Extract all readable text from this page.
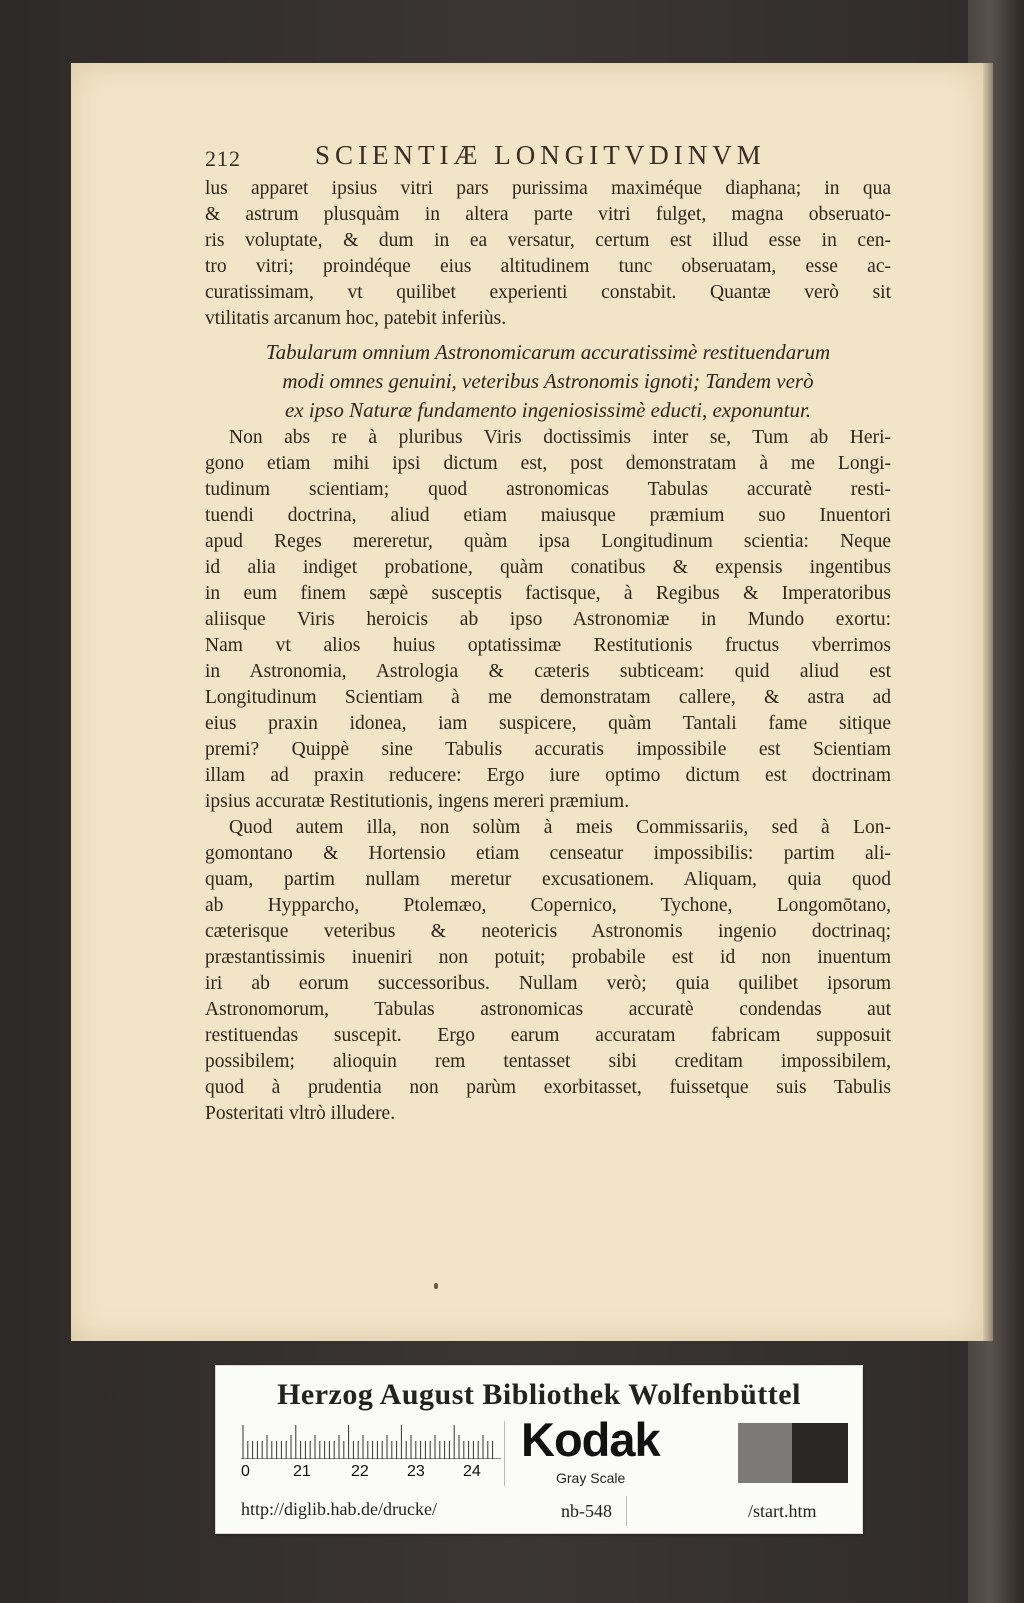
212	SCIENTIÆ LONGITVDINVM
lus apparet ipsius vitri pars purissima maximéque diaphana; in qua
& astrum plusquàm in altera parte vitri fulget, magna obseruato-
ris voluptate, & dum in ea versatur, certum est illud esse in cen-
tro vitri; proindéque eius altitudinem tunc obseruatam, esse ac-
curatissimam, vt quilibet experienti constabit. Quantæ verò sit
vtilitatis arcanum hoc, patebit inferiùs.
Tabularum omnium Astronomicarum accuratissimè restituendarum
modi omnes genuini, veteribus Astronomis ignoti; Tandem verò
ex ipso Naturæ fundamento ingeniosissimè educti, exponuntur.
Non abs re à pluribus Viris doctissimis inter se, Tum ab Heri-
gono etiam mihi ipsi dictum est, post demonstratam à me Longi-
tudinum scientiam; quod astronomicas Tabulas accuratè resti-
tuendi doctrina, aliud etiam maiusque præmium suo Inuentori
apud Reges mereretur, quàm ipsa Longitudinum scientia: Neque
id alia indiget probatione, quàm conatibus & expensis ingentibus
in eum finem sæpè susceptis factisque, à Regibus & Imperatoribus
aliisque Viris heroicis ab ipso Astronomiæ in Mundo exortu:
Nam vt alios huius optatissimæ Restitutionis fructus vberrimos
in Astronomia, Astrologia & cæteris subticeam: quid aliud est
Longitudinum Scientiam à me demonstratam callere, & astra ad
eius praxin idonea, iam suspicere, quàm Tantali fame sitique
premi? Quippè sine Tabulis accuratis impossibile est Scientiam
illam ad praxin reducere: Ergo iure optimo dictum est doctrinam
ipsius accuratæ Restitutionis, ingens mereri præmium.
Quod autem illa, non solùm à meis Commissariis, sed à Lon-
gomontano & Hortensio etiam censeatur impossibilis: partim ali-
quam, partim nullam meretur excusationem. Aliquam, quia quod
ab Hypparcho, Ptolemæo, Copernico, Tychone, Longomōtano,
cæterisque veteribus & neotericis Astronomis ingenio doctrinaq;
præstantissimis inueniri non potuit; probabile est id non inuentum
iri ab eorum successoribus. Nullam verò; quia quilibet ipsorum
Astronomorum, Tabulas astronomicas accuratè condendas aut
restituendas suscepit. Ergo earum accuratam fabricam supposuit
possibilem; alioquin rem tentasset sibi creditam impossibilem,
quod à prudentia non parùm exorbitasset, fuissetque suis Tabulis
Posteritati vltrò illudere.
Herzog August Bibliothek Wolfenbüttel
0	21	22 23 24
Kodak
Gray Scale
http://diglib.hab.de/drucke/	nb-548	/start.htm
